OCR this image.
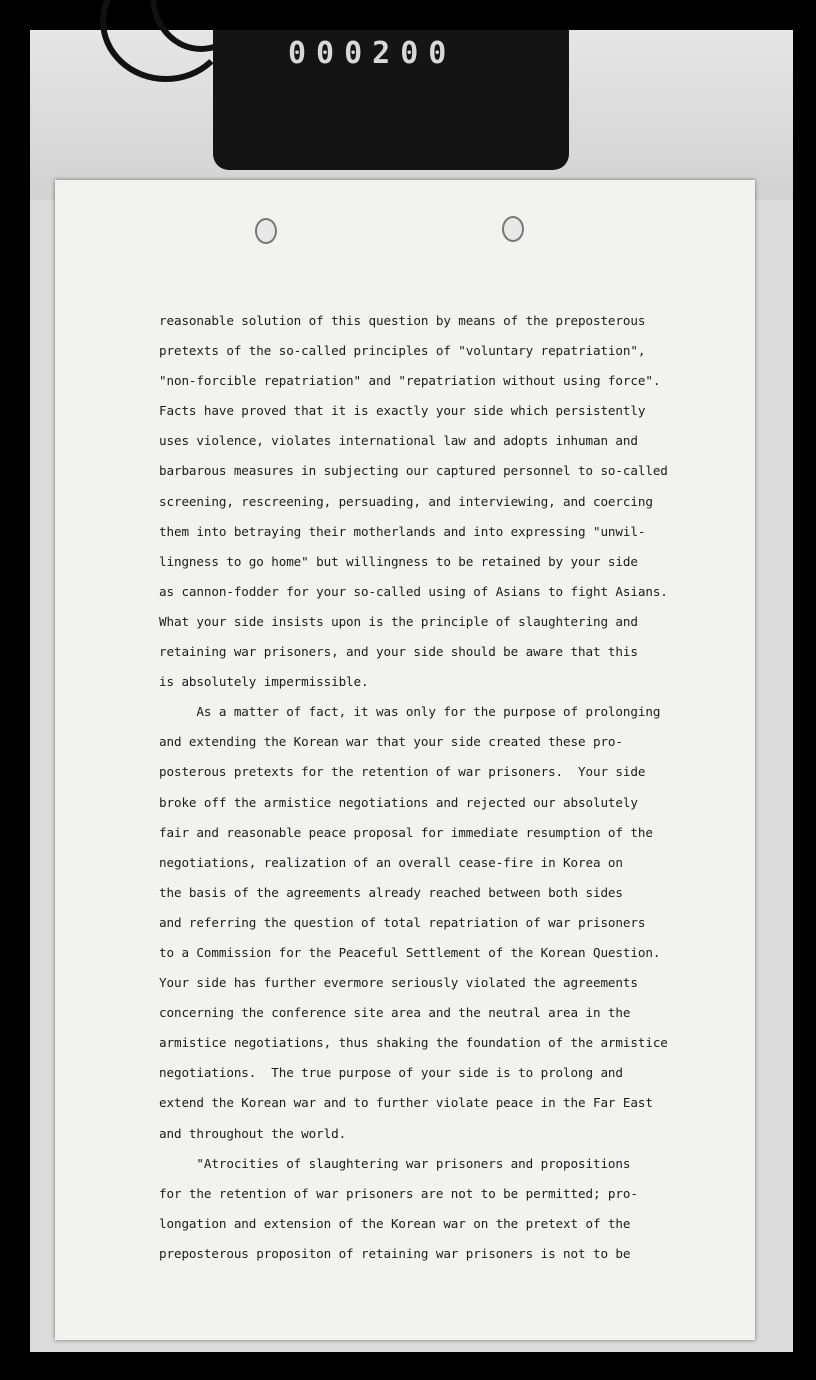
000200
reasonable solution of this question by means of the preposterous
pretexts of the so-called principles of "voluntary repatriation",
"non-forcible repatriation" and "repatriation without using force".
Facts have proved that it is exactly your side which persistently
uses violence, violates international law and adopts inhuman and
barbarous measures in subjecting our captured personnel to so-called
screening, rescreening, persuading, and interviewing, and coercing
them into betraying their motherlands and into expressing "unwil-
lingness to go home" but willingness to be retained by your side
as cannon-fodder for your so-called using of Asians to fight Asians.
What your side insists upon is the principle of slaughtering and
retaining war prisoners, and your side should be aware that this
is absolutely impermissible.
As a matter of fact, it was only for the purpose of prolonging
and extending the Korean war that your side created these pro-
posterous pretexts for the retention of war prisoners.  Your side
broke off the armistice negotiations and rejected our absolutely
fair and reasonable peace proposal for immediate resumption of the
negotiations, realization of an overall cease-fire in Korea on
the basis of the agreements already reached between both sides
and referring the question of total repatriation of war prisoners
to a Commission for the Peaceful Settlement of the Korean Question.
Your side has further evermore seriously violated the agreements
concerning the conference site area and the neutral area in the
armistice negotiations, thus shaking the foundation of the armistice
negotiations.  The true purpose of your side is to prolong and
extend the Korean war and to further violate peace in the Far East
and throughout the world.
"Atrocities of slaughtering war prisoners and propositions
for the retention of war prisoners are not to be permitted; pro-
longation and extension of the Korean war on the pretext of the
preposterous propositon of retaining war prisoners is not to be
